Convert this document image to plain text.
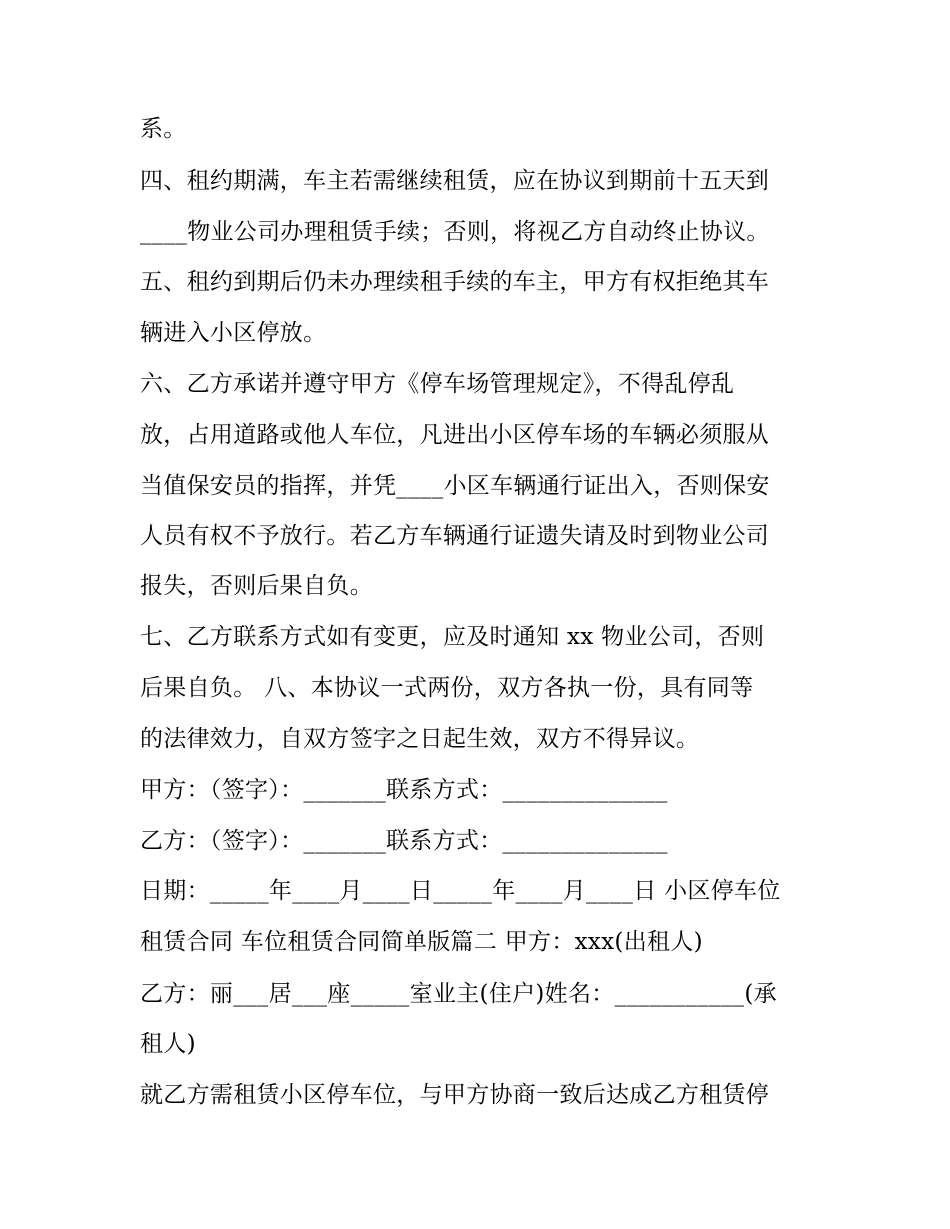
系。

四、租约期满，车主若需继续租赁，应在协议到期前十五天到

____物业公司办理租赁手续；否则，将视乙方自动终止协议。

五、租约到期后仍未办理续租手续的车主，甲方有权拒绝其车

辆进入小区停放。

六、乙方承诺并遵守甲方《停车场管理规定》，不得乱停乱

放，占用道路或他人车位，凡进出小区停车场的车辆必须服从

当值保安员的指挥，并凭____小区车辆通行证出入，否则保安

人员有权不予放行。若乙方车辆通行证遗失请及时到物业公司

报失，否则后果自负。

七、乙方联系方式如有变更，应及时通知 xx 物业公司，否则

后果自负。 八、本协议一式两份，双方各执一份，具有同等

的法律效力，自双方签字之日起生效，双方不得异议。

甲方：（签字）：_______联系方式：______________

乙方：（签字）：_______联系方式：______________

日期：_____年____月____日_____年____月____日 小区停车位

租赁合同 车位租赁合同简单版篇二 甲方：xxx(出租人)

乙方：丽___居___座_____室业主(住户)姓名：___________(承

租人)

就乙方需租赁小区停车位，与甲方协商一致后达成乙方租赁停
